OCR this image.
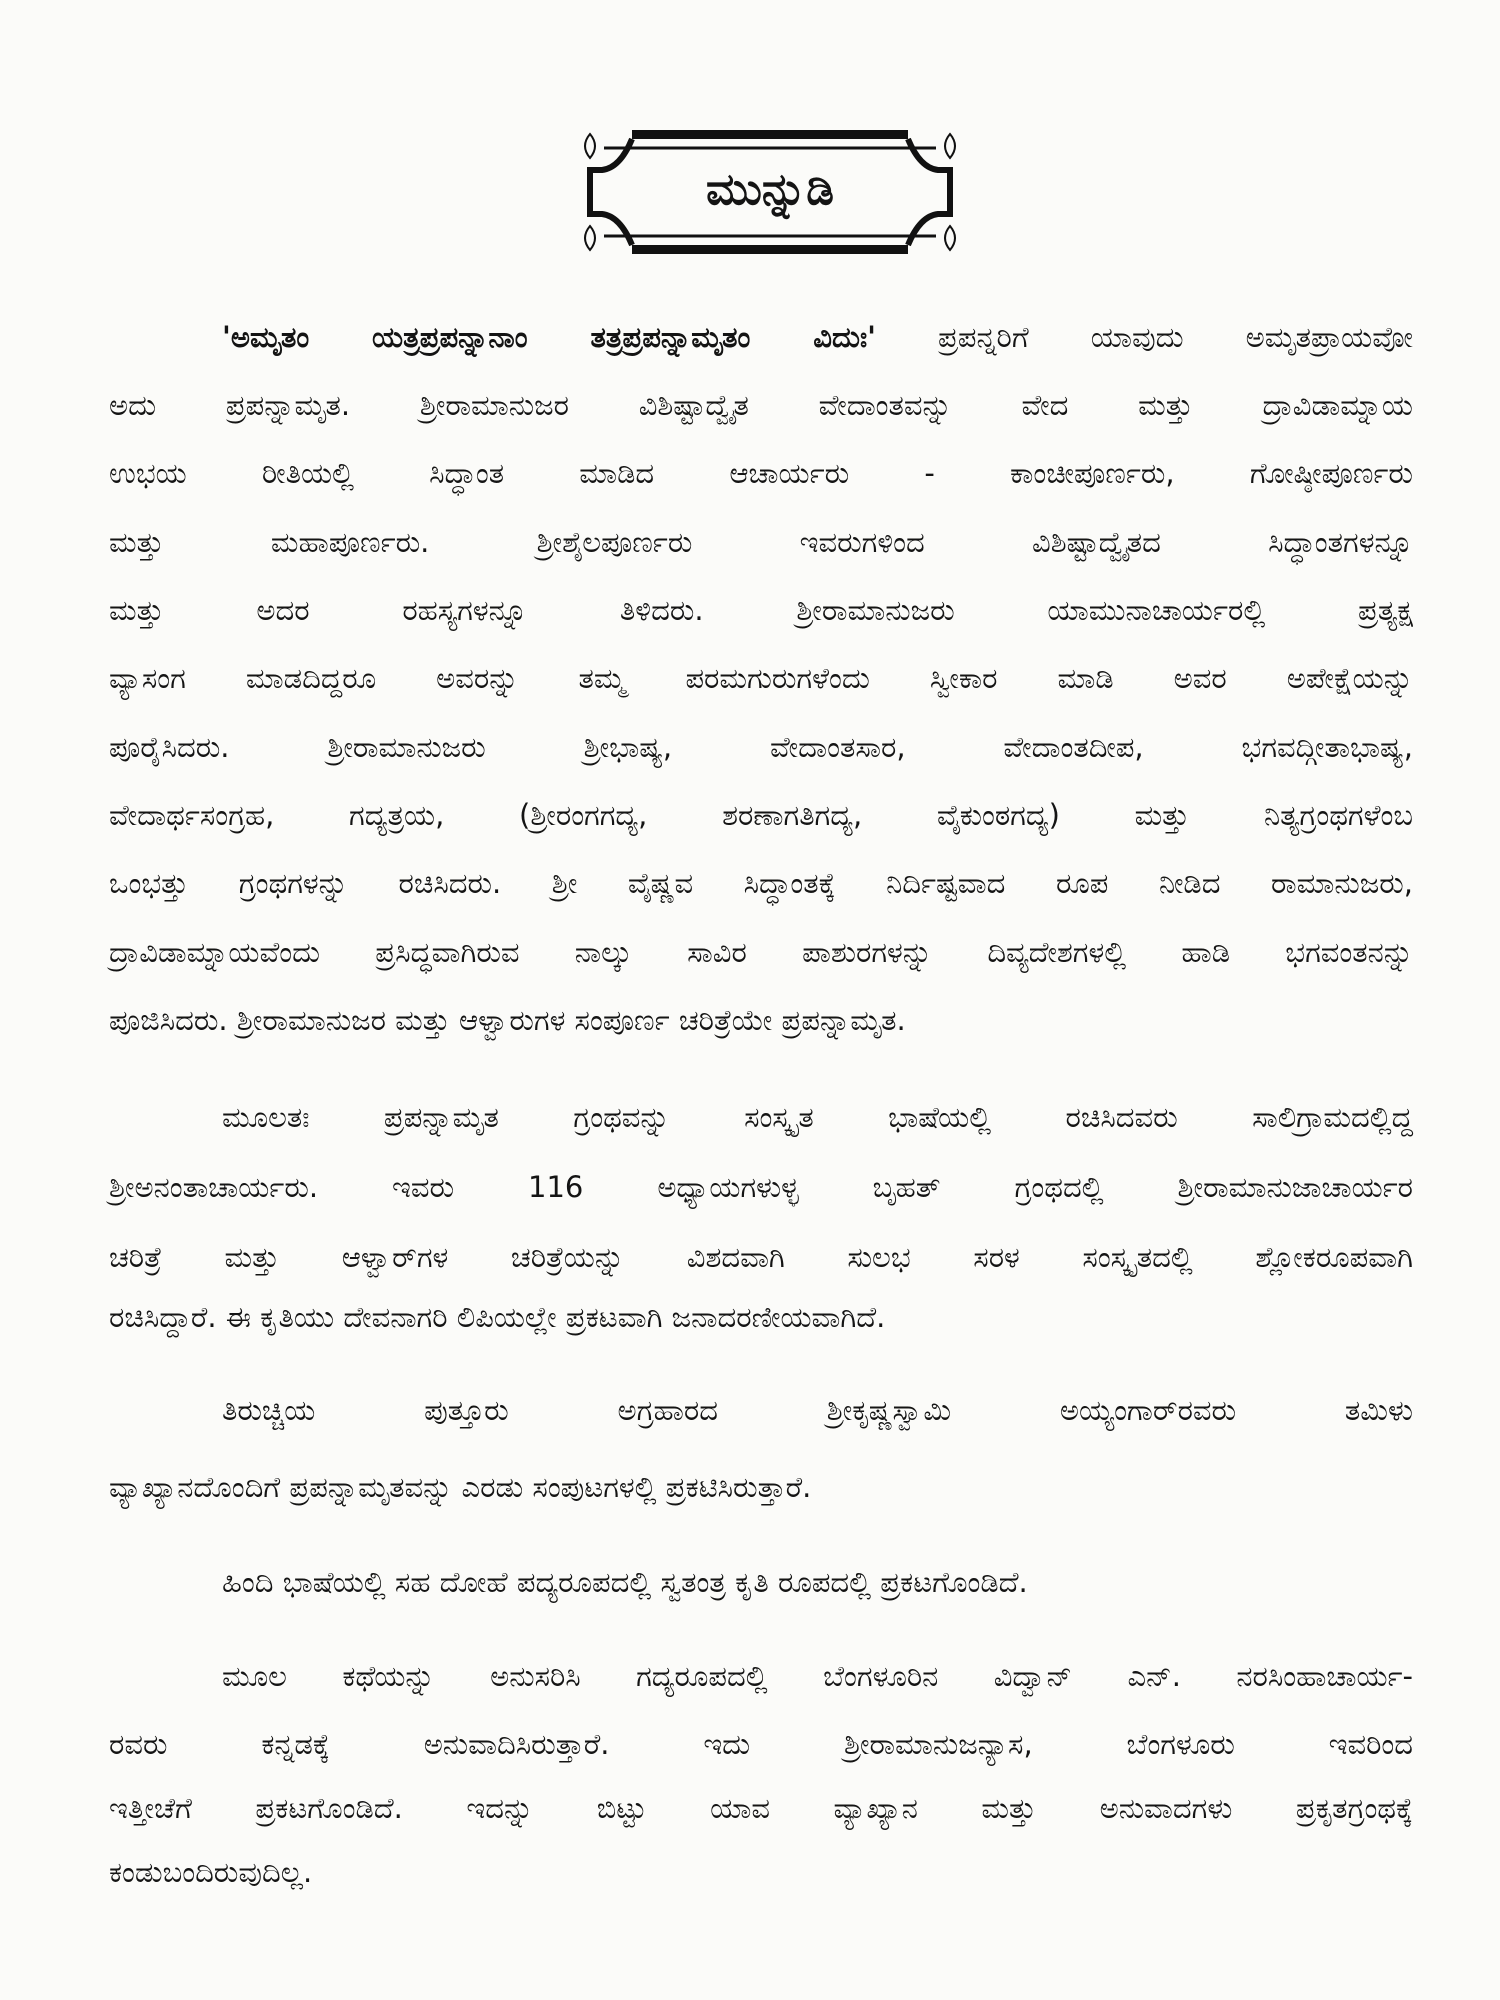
ಮುನ್ನುಡಿ
'ಅಮೃತಂ ಯತ್ರಪ್ರಪನ್ನಾನಾಂ ತತ್ರಪ್ರಪನ್ನಾಮೃತಂ ವಿದುಃ' ಪ್ರಪನ್ನರಿಗೆ ಯಾವುದು ಅಮೃತಪ್ರಾಯವೋ
ಅದು ಪ್ರಪನ್ನಾಮೃತ. ಶ್ರೀರಾಮಾನುಜರ ವಿಶಿಷ್ಟಾದ್ವೈತ ವೇದಾಂತವನ್ನು ವೇದ ಮತ್ತು ದ್ರಾವಿಡಾಮ್ನಾಯ
ಉಭಯ ರೀತಿಯಲ್ಲಿ ಸಿದ್ಧಾಂತ ಮಾಡಿದ ಆಚಾರ್ಯರು - ಕಾಂಚೀಪೂರ್ಣರು, ಗೋಷ್ಠೀಪೂರ್ಣರು
ಮತ್ತು ಮಹಾಪೂರ್ಣರು. ಶ್ರೀಶೈಲಪೂರ್ಣರು ಇವರುಗಳಿಂದ ವಿಶಿಷ್ಟಾದ್ವೈತದ ಸಿದ್ಧಾಂತಗಳನ್ನೂ
ಮತ್ತು ಅದರ ರಹಸ್ಯಗಳನ್ನೂ ತಿಳಿದರು. ಶ್ರೀರಾಮಾನುಜರು ಯಾಮುನಾಚಾರ್ಯರಲ್ಲಿ ಪ್ರತ್ಯಕ್ಷ
ವ್ಯಾಸಂಗ ಮಾಡದಿದ್ದರೂ ಅವರನ್ನು ತಮ್ಮ ಪರಮಗುರುಗಳೆಂದು ಸ್ವೀಕಾರ ಮಾಡಿ ಅವರ ಅಪೇಕ್ಷೆಯನ್ನು
ಪೂರೈಸಿದರು. ಶ್ರೀರಾಮಾನುಜರು ಶ್ರೀಭಾಷ್ಯ, ವೇದಾಂತಸಾರ, ವೇದಾಂತದೀಪ, ಭಗವದ್ಗೀತಾಭಾಷ್ಯ,
ವೇದಾರ್ಥಸಂಗ್ರಹ, ಗದ್ಯತ್ರಯ, (ಶ್ರೀರಂಗಗದ್ಯ, ಶರಣಾಗತಿಗದ್ಯ, ವೈಕುಂಠಗದ್ಯ) ಮತ್ತು ನಿತ್ಯಗ್ರಂಥಗಳೆಂಬ
ಒಂಭತ್ತು ಗ್ರಂಥಗಳನ್ನು ರಚಿಸಿದರು. ಶ್ರೀ ವೈಷ್ಣವ ಸಿದ್ಧಾಂತಕ್ಕೆ ನಿರ್ದಿಷ್ಟವಾದ ರೂಪ ನೀಡಿದ ರಾಮಾನುಜರು,
ದ್ರಾವಿಡಾಮ್ನಾಯವೆಂದು ಪ್ರಸಿದ್ಧವಾಗಿರುವ ನಾಲ್ಕು ಸಾವಿರ ಪಾಶುರಗಳನ್ನು ದಿವ್ಯದೇಶಗಳಲ್ಲಿ ಹಾಡಿ ಭಗವಂತನನ್ನು
ಪೂಜಿಸಿದರು. ಶ್ರೀರಾಮಾನುಜರ ಮತ್ತು ಆಳ್ವಾರುಗಳ ಸಂಪೂರ್ಣ ಚರಿತ್ರೆಯೇ ಪ್ರಪನ್ನಾಮೃತ.
ಮೂಲತಃ ಪ್ರಪನ್ನಾಮೃತ ಗ್ರಂಥವನ್ನು ಸಂಸ್ಕೃತ ಭಾಷೆಯಲ್ಲಿ ರಚಿಸಿದವರು ಸಾಲಿಗ್ರಾಮದಲ್ಲಿದ್ದ
ಶ್ರೀಅನಂತಾಚಾರ್ಯರು. ಇವರು 116 ಅಧ್ಯಾಯಗಳುಳ್ಳ ಬೃಹತ್ ಗ್ರಂಥದಲ್ಲಿ ಶ್ರೀರಾಮಾನುಜಾಚಾರ್ಯರ
ಚರಿತ್ರೆ ಮತ್ತು ಆಳ್ವಾರ್‌ಗಳ ಚರಿತ್ರೆಯನ್ನು ವಿಶದವಾಗಿ ಸುಲಭ ಸರಳ ಸಂಸ್ಕೃತದಲ್ಲಿ ಶ್ಲೋಕರೂಪವಾಗಿ
ರಚಿಸಿದ್ದಾರೆ. ಈ ಕೃತಿಯು ದೇವನಾಗರಿ ಲಿಪಿಯಲ್ಲೇ ಪ್ರಕಟವಾಗಿ ಜನಾದರಣೀಯವಾಗಿದೆ.
ತಿರುಚ್ಚಿಯ ಪುತ್ತೂರು ಅಗ್ರಹಾರದ ಶ್ರೀಕೃಷ್ಣಸ್ವಾಮಿ ಅಯ್ಯಂಗಾರ್‌ರವರು ತಮಿಳು
ವ್ಯಾಖ್ಯಾನದೊಂದಿಗೆ ಪ್ರಪನ್ನಾಮೃತವನ್ನು ಎರಡು ಸಂಪುಟಗಳಲ್ಲಿ ಪ್ರಕಟಿಸಿರುತ್ತಾರೆ.
ಹಿಂದಿ ಭಾಷೆಯಲ್ಲಿ ಸಹ ದೋಹೆ ಪದ್ಯರೂಪದಲ್ಲಿ ಸ್ವತಂತ್ರ ಕೃತಿ ರೂಪದಲ್ಲಿ ಪ್ರಕಟಗೊಂಡಿದೆ.
ಮೂಲ ಕಥೆಯನ್ನು ಅನುಸರಿಸಿ ಗದ್ಯರೂಪದಲ್ಲಿ ಬೆಂಗಳೂರಿನ ವಿದ್ವಾನ್ ಎನ್. ನರಸಿಂಹಾಚಾರ್ಯ-
ರವರು ಕನ್ನಡಕ್ಕೆ ಅನುವಾದಿಸಿರುತ್ತಾರೆ. ಇದು ಶ್ರೀರಾಮಾನುಜನ್ಯಾಸ, ಬೆಂಗಳೂರು ಇವರಿಂದ
ಇತ್ತೀಚೆಗೆ ಪ್ರಕಟಗೊಂಡಿದೆ. ಇದನ್ನು ಬಿಟ್ಟು ಯಾವ ವ್ಯಾಖ್ಯಾನ ಮತ್ತು ಅನುವಾದಗಳು ಪ್ರಕೃತಗ್ರಂಥಕ್ಕೆ
ಕಂಡುಬಂದಿರುವುದಿಲ್ಲ.
